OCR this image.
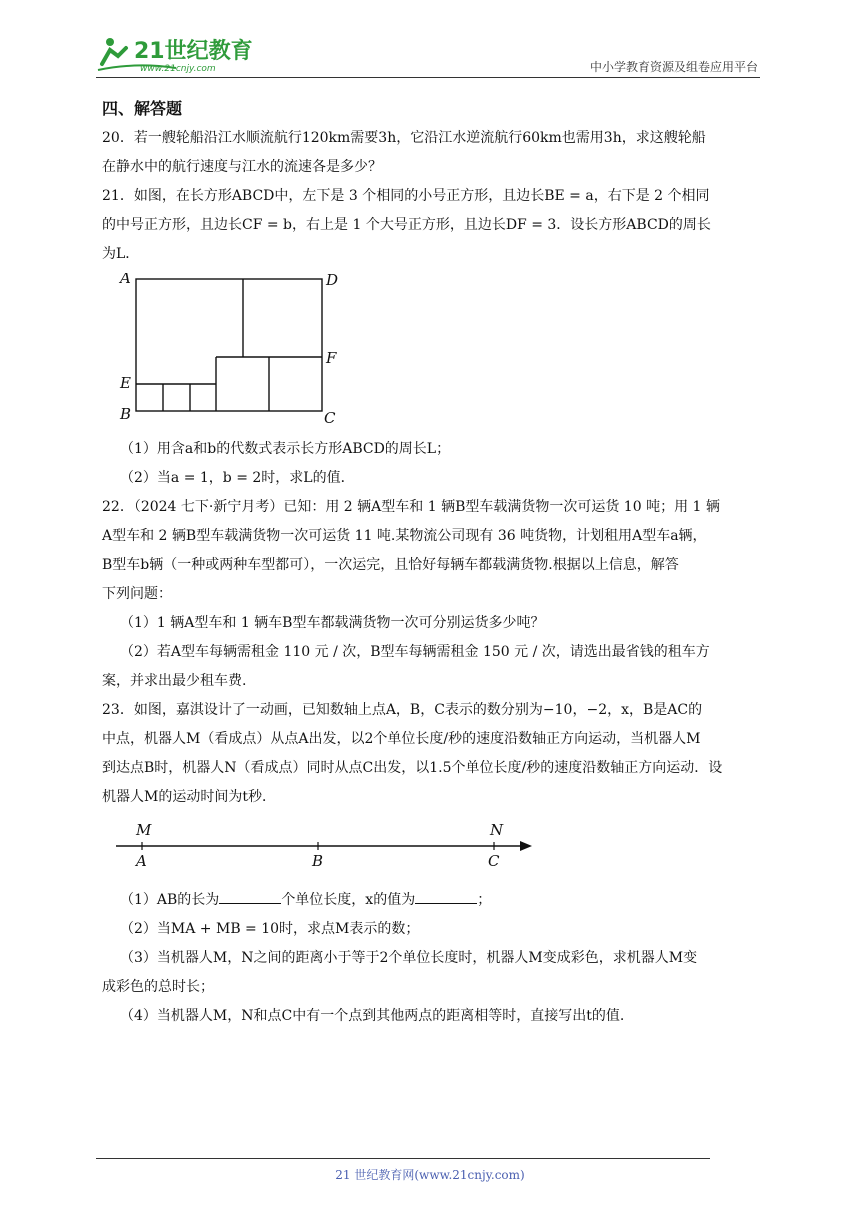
21世纪教育
www.21cnjy.com	中小学教育资源及组卷应用平台
四、解答题

20．若一艘轮船沿江水顺流航行120km需要3h，它沿江水逆流航行60km也需用3h，求这艘轮船

在静水中的航行速度与江水的流速各是多少？

21．如图，在长方形ABCD中，左下是 3 个相同的小号正方形，且边长BE = a，右下是 2 个相同

的中号正方形，且边长CF = b，右上是 1 个大号正方形，且边长DF = 3．设长方形ABCD的周长

为L．

A	D
F
E
B	C

（1）用含a和b的代数式表示长方形ABCD的周长L；

（2）当a = 1，b = 2时，求L的值．

22．（2024 七下·新宁月考）已知：用 2 辆A型车和 1 辆B型车载满货物一次可运货 10 吨；用 1 辆

A型车和 2 辆B型车载满货物一次可运货 11 吨.某物流公司现有 36 吨货物，计划租用A型车a辆，

B型车b辆（一种或两种车型都可），一次运完，且恰好每辆车都载满货物.根据以上信息，解答

下列问题：

（1）1 辆A型车和 1 辆车B型车都载满货物一次可分别运货多少吨？

（2）若A型车每辆需租金 110 元 / 次，B型车每辆需租金 150 元 / 次，请选出最省钱的租车方

案，并求出最少租车费.

23．如图，嘉淇设计了一动画，已知数轴上点A，B，C表示的数分别为−10，−2，x，B是AC的

中点，机器人M（看成点）从点A出发，以2个单位长度/秒的速度沿数轴正方向运动，当机器人M

到达点B时，机器人N（看成点）同时从点C出发，以1.5个单位长度/秒的速度沿数轴正方向运动．设

机器人M的运动时间为t秒．

M	N
A	B	C

（1）AB的长为	个单位长度，x的值为	；

（2）当MA + MB = 10时，求点M表示的数；

（3）当机器人M，N之间的距离小于等于2个单位长度时，机器人M变成彩色，求机器人M变

成彩色的总时长；

（4）当机器人M，N和点C中有一个点到其他两点的距离相等时，直接写出t的值.

21 世纪教育网(www.21cnjy.com)
